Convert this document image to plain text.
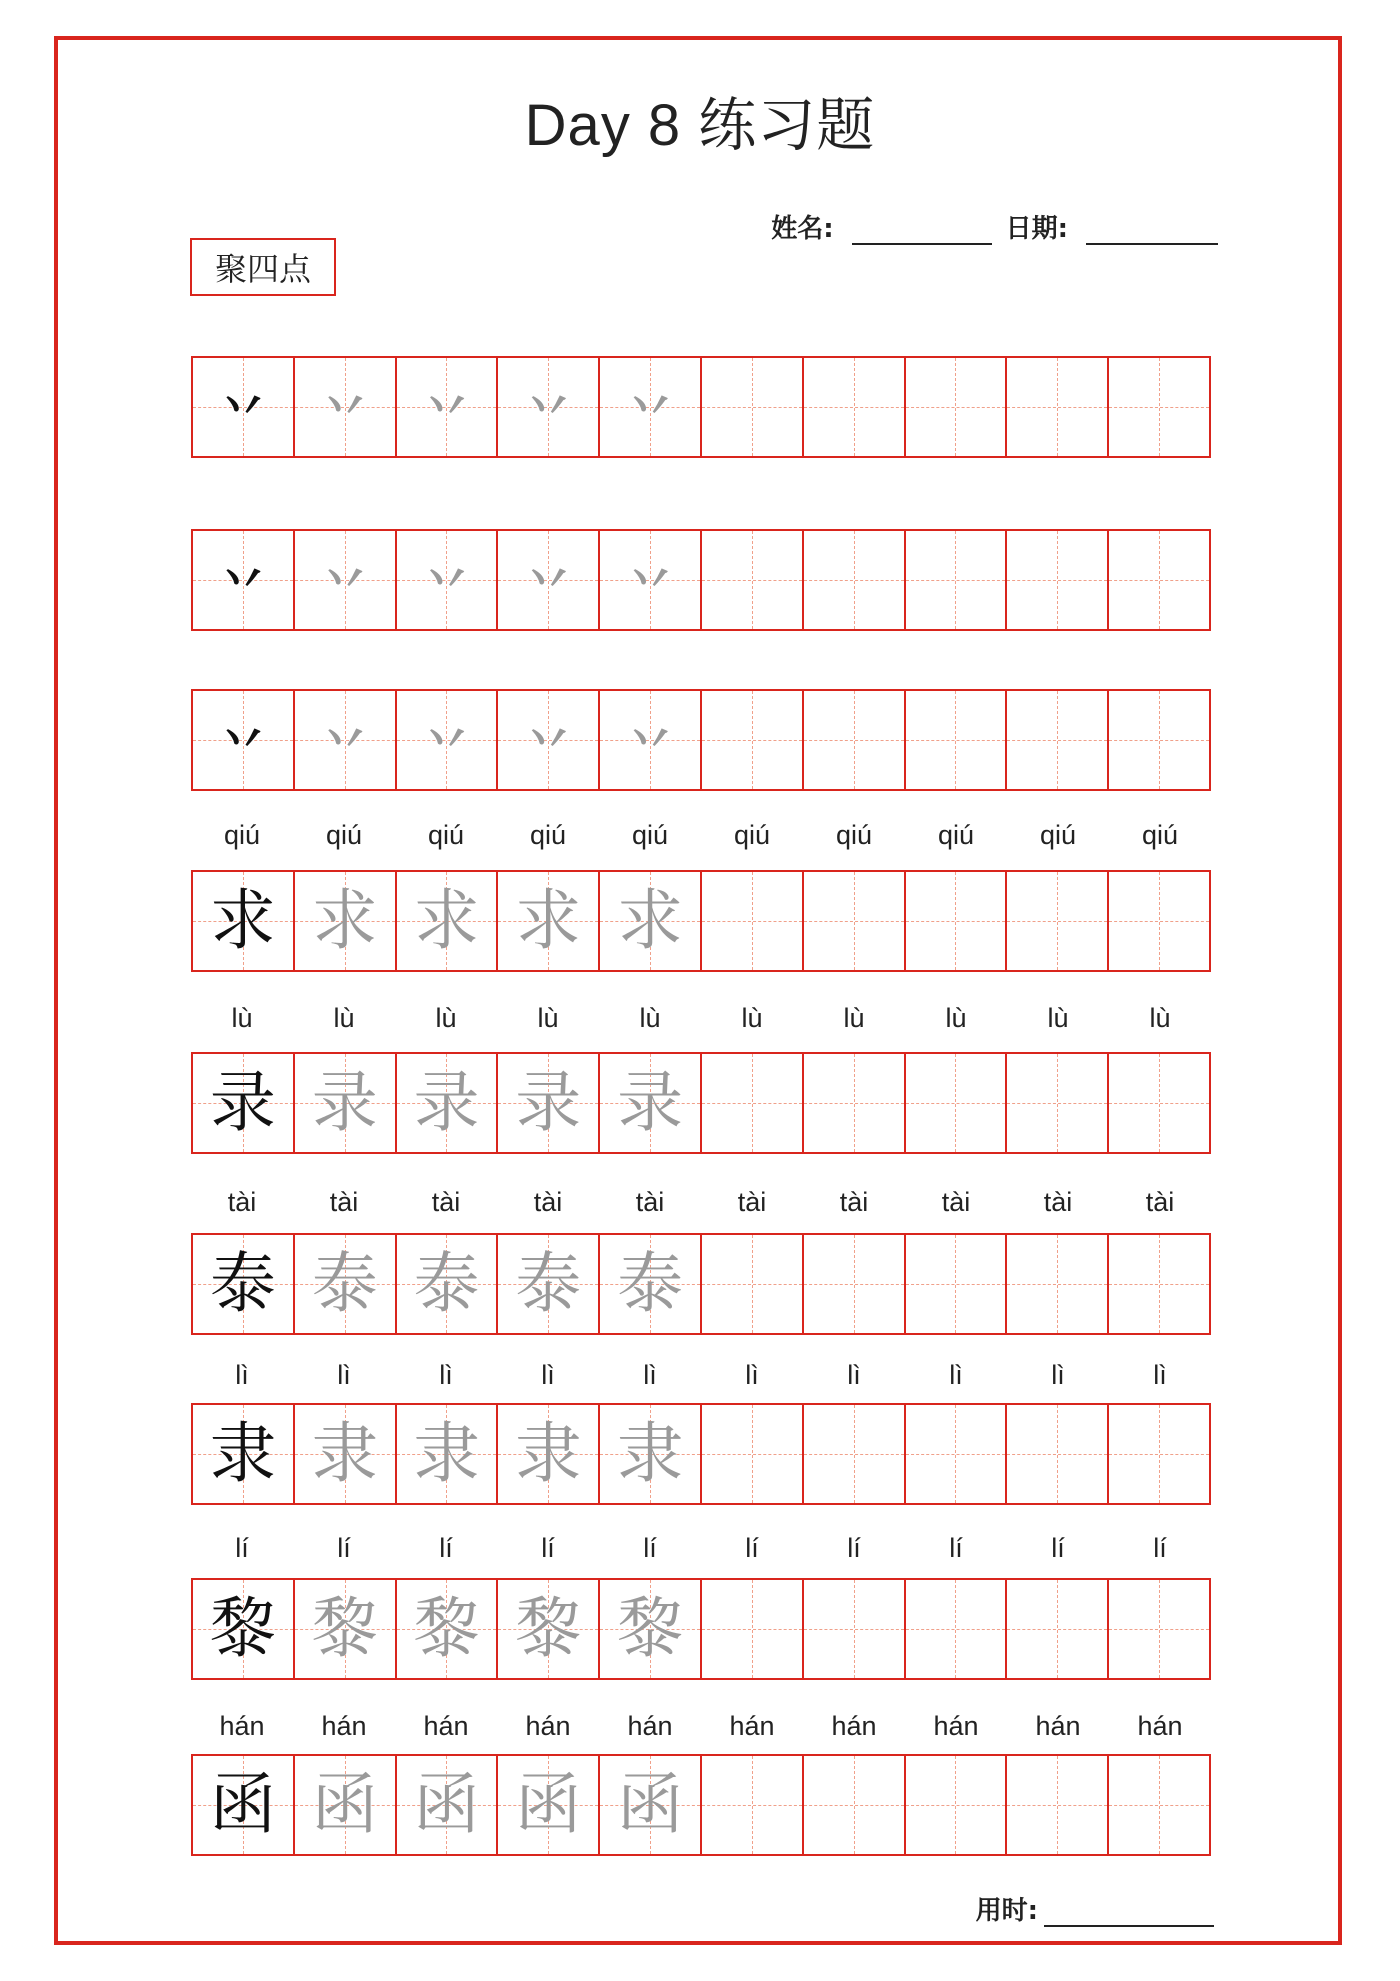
Day 8 练习题
姓名:	日期:
聚四点
丷 丷 丷 丷 丷
丷 丷 丷 丷 丷
丷 丷 丷 丷 丷
qiú	qiú	qiú	qiú	qiú	qiú	qiú	qiú	qiú	qiú
求 求 求 求 求
lù	lù	lù	lù	lù	lù	lù	lù	lù	lù
录 录 录 录 录
tài	tài	tài	tài	tài	tài	tài	tài	tài	tài
泰 泰 泰 泰 泰
lì	lì	lì	lì	lì	lì	lì	lì	lì	lì
隶 隶 隶 隶 隶
lí	lí	lí	lí	lí	lí	lí	lí	lí	lí
黎 黎 黎 黎 黎
hán	hán	hán	hán	hán	hán	hán	hán	hán	hán
函 函 函 函 函
用时:
